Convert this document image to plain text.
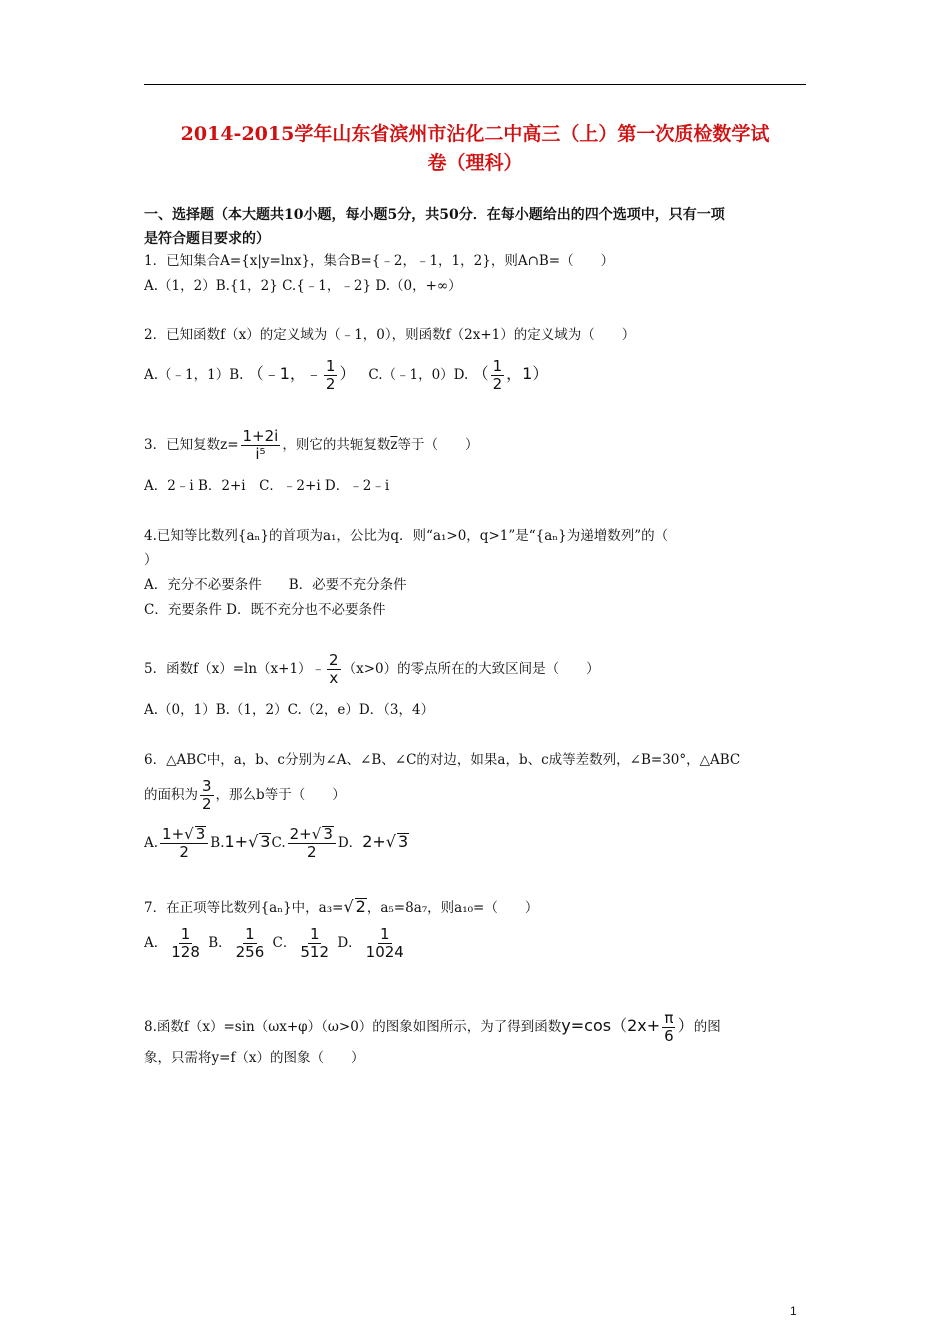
2014-2015学年山东省滨州市沾化二中高三（上）第一次质检数学试
卷（理科）
一、选择题（本大题共10小题，每小题5分，共50分．在每小题给出的四个选项中，只有一项
是符合题目要求的）
1．已知集合A={x|y=lnx}，集合B={﹣2，﹣1，1，2}，则A∩B=（　　）
A.（1，2）B.{1，2} C.{﹣1，﹣2} D.（0，+∞）
2．已知函数f（x）的定义域为（﹣1，0），则函数f（2x+1）的定义域为（　　）
A.（﹣1，1）B. （﹣1，﹣ $\frac{1}{2}$ ） C.（﹣1，0）D. （ $\frac{1}{2}$ ，1）
3．已知复数$z= \frac{1+2i}{\text{i⁵}}$ ，则它的共轭复数$\overline{z}$等于（　　）
A．2﹣i B．2+i　C．﹣2+i D．﹣2﹣i
4.已知等比数列{aₙ}的首项为a₁，公比为q．则“a₁>0，q>1”是“{aₙ}为递增数列”的（
）
A．充分不必要条件　　B．必要不充分条件
C．充要条件 D．既不充分也不必要条件
5．函数f（x）=ln（x+1）﹣ $\frac{2}{x} (x>0)$的零点所在的大致区间是（　　）
A.（0，1）B.（1，2）C.（2，e）D．（3，4）
6．△ABC中，a，b、c分别为∠A、∠B、∠C的对边，如果a，b、c成等差数列，∠B=30°，△ABC
的面积为 $\frac{3}{2}$ ，那么b等于（　　）
A. $\frac{1+√ 3}{2} B.1+√$ 3C. $\frac{2+√ 3}{2}$ D．2+√ 3
7．在正项等比数列{aₙ}中，a₃=√ 2，a₅=8a₇，则a₁₀=（　　）
A． $\frac{1}{128}$ B． $\frac{1}{256}$ C． $\frac{1}{512}$ D． $\frac{1}{1024}$
8.函数f（x）=sin（ωx+φ）（ω>0）的图象如图所示，为了得到函数$y=\cos(2x+ \frac{\pi}{6}$ ）的图
象，只需将y=f（x）的图象（　　）
1
